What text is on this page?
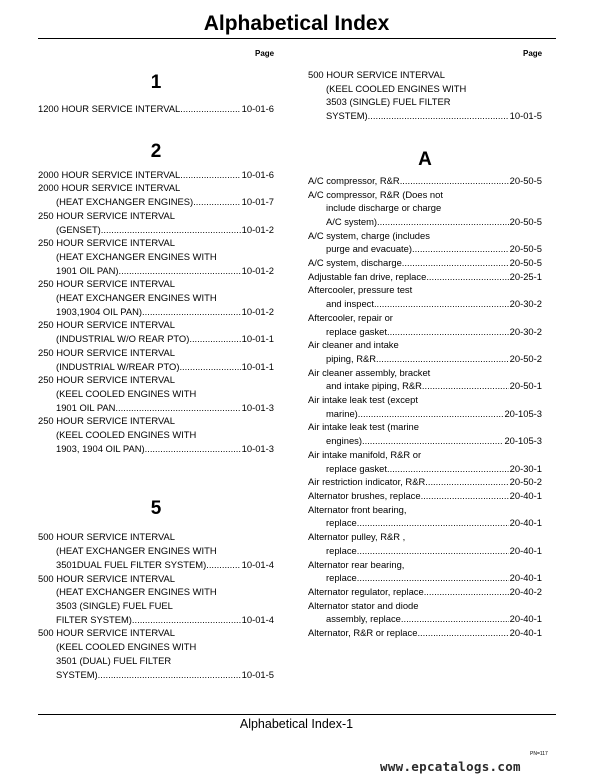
Alphabetical Index
Page	Page
1
1200 HOUR SERVICE INTERVAL .....	10-01-6
2
2000 HOUR SERVICE INTERVAL .....	10-01-6
2000 HOUR SERVICE INTERVAL
(HEAT EXCHANGER ENGINES) .....	10-01-7
250 HOUR SERVICE INTERVAL
(GENSET) .....	10-01-2
250 HOUR SERVICE INTERVAL
(HEAT EXCHANGER ENGINES WITH
1901 OIL PAN) .....	10-01-2
250 HOUR SERVICE INTERVAL
(HEAT EXCHANGER ENGINES WITH
1903,1904 OIL PAN) .....	10-01-2
250 HOUR SERVICE INTERVAL
(INDUSTRIAL W/O REAR PTO) .....	10-01-1
250 HOUR SERVICE INTERVAL
(INDUSTRIAL W/REAR PTO) .....	10-01-1
250 HOUR SERVICE INTERVAL
(KEEL COOLED ENGINES WITH
1901 OIL PAN .....	10-01-3
250 HOUR SERVICE INTERVAL
(KEEL COOLED ENGINES WITH
1903, 1904 OIL PAN) .....	10-01-3
5
500 HOUR SERVICE INTERVAL
(HEAT EXCHANGER ENGINES WITH
3501DUAL FUEL FILTER SYSTEM) .....	10-01-4
500 HOUR SERVICE INTERVAL
(HEAT EXCHANGER ENGINES WITH
3503 (SINGLE) FUEL FUEL
FILTER SYSTEM) .....	10-01-4
500 HOUR SERVICE INTERVAL
(KEEL COOLED ENGINES WITH
3501 (DUAL) FUEL FILTER
SYSTEM) .....	10-01-5
500 HOUR SERVICE INTERVAL
(KEEL COOLED ENGINES WITH
3503 (SINGLE) FUEL FILTER
SYSTEM) .....	10-01-5
A
A/C compressor, R&R .....	20-50-5
A/C compressor, R&R (Does not
include discharge or charge
A/C system) .....	20-50-5
A/C system, charge (includes
purge and evacuate) .....	20-50-5
A/C system, discharge .....	20-50-5
Adjustable fan drive, replace .....	20-25-1
Aftercooler, pressure test
and inspect .....	20-30-2
Aftercooler, repair or
replace gasket .....	20-30-2
Air cleaner and intake
piping, R&R .....	20-50-2
Air cleaner assembly, bracket
and intake piping, R&R .....	20-50-1
Air intake leak test (except
marine) .....	20-105-3
Air intake leak test (marine
engines) .....	20-105-3
Air intake manifold, R&R or
replace gasket .....	20-30-1
Air restriction indicator, R&R .....	20-50-2
Alternator brushes, replace .....	20-40-1
Alternator front bearing,
replace .....	20-40-1
Alternator pulley, R&R ,
replace .....	20-40-1
Alternator rear bearing,
replace .....	20-40-1
Alternator regulator, replace .....	20-40-2
Alternator stator and diode
assembly, replace .....	20-40-1
Alternator, R&R or replace .....	20-40-1
Alphabetical Index-1
PN=117
www.epcatalogs.com
